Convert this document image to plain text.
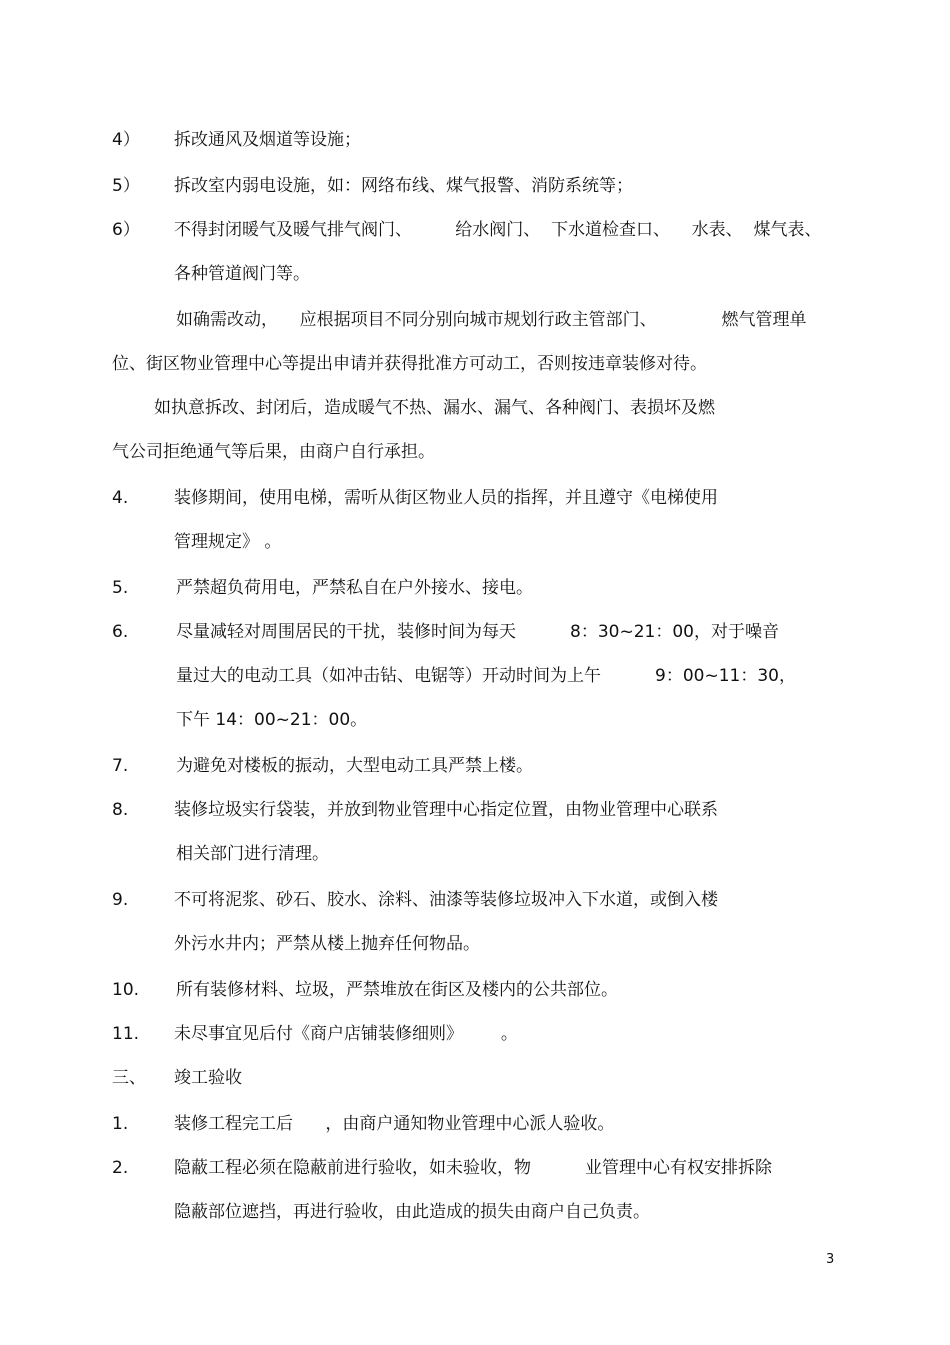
4） 拆改通风及烟道等设施；
5） 拆改室内弱电设施，如：网络布线、煤气报警、消防系统等；
6） 不得封闭暖气及暖气排气阀门、        给水阀门、  下水道检查口、    水表、  煤气表、
各种管道阀门等。
如确需改动，    应根据项目不同分别向城市规划行政主管部门、            燃气管理单
位、街区物业管理中心等提出申请并获得批准方可动工，否则按违章装修对待。
如执意拆改、封闭后，造成暖气不热、漏水、漏气、各种阀门、表损坏及燃
气公司拒绝通气等后果，由商户自行承担。
4.	装修期间，使用电梯，需听从街区物业人员的指挥，并且遵守《电梯使用
管理规定》 。
5.	严禁超负荷用电，严禁私自在户外接水、接电。
6.	尽量减轻对周围居民的干扰，装修时间为每天          8：30~21：00，对于噪音
量过大的电动工具（如冲击钻、电锯等）开动时间为上午          9：00~11：30，
下午 14：00~21：00。
7.	为避免对楼板的振动，大型电动工具严禁上楼。
8.	装修垃圾实行袋装，并放到物业管理中心指定位置，由物业管理中心联系
相关部门进行清理。
9.	不可将泥浆、砂石、胶水、涂料、油漆等装修垃圾冲入下水道，或倒入楼
外污水井内；严禁从楼上抛弃任何物品。
10. 所有装修材料、垃圾，严禁堆放在街区及楼内的公共部位。
11. 未尽事宜见后付《商户店铺装修细则》       。
三、 竣工验收
1.	装修工程完工后      ，由商户通知物业管理中心派人验收。
2.	隐蔽工程必须在隐蔽前进行验收，如未验收，物          业管理中心有权安排拆除
隐蔽部位遮挡，再进行验收，由此造成的损失由商户自己负责。
3
